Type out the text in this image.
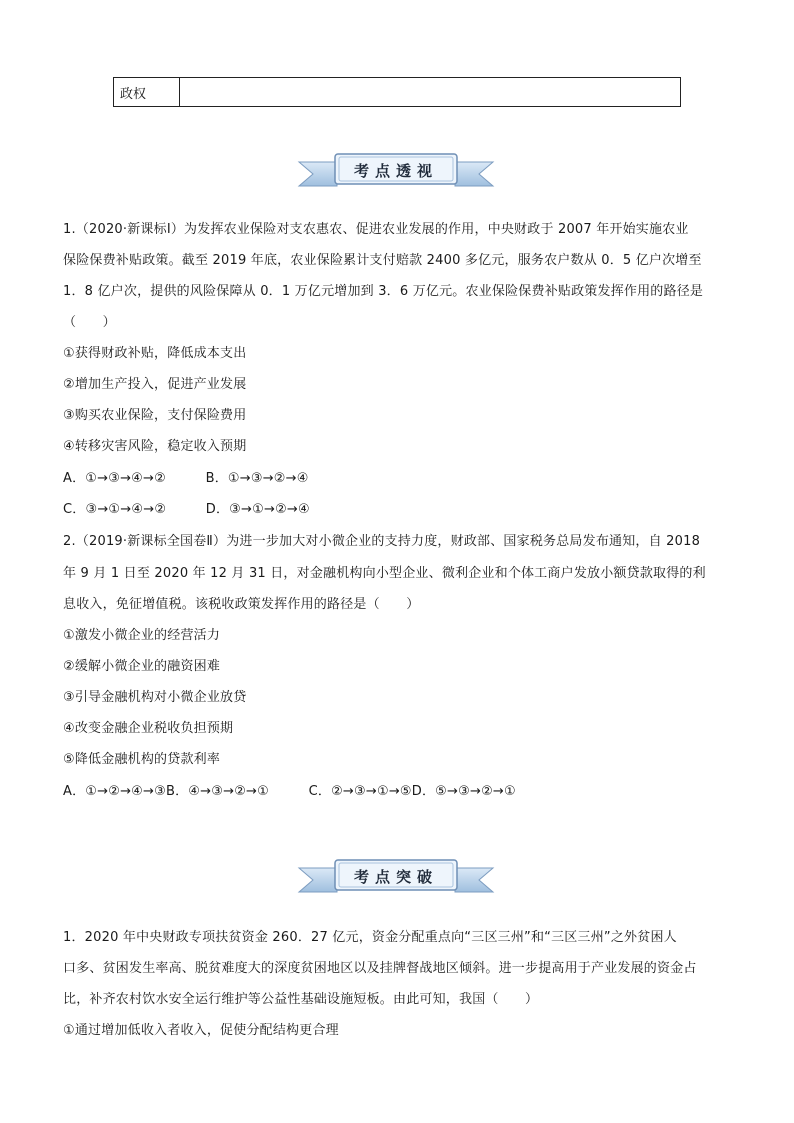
政权
考点透视
1.（2020·新课标Ⅰ）为发挥农业保险对支农惠农、促进农业发展的作用，中央财政于 2007 年开始实施农业
保险保费补贴政策。截至 2019 年底，农业保险累计支付赔款 2400 多亿元，服务农户数从 0．5 亿户次增至
1．8 亿户次，提供的风险保障从 0．1 万亿元增加到 3．6 万亿元。农业保险保费补贴政策发挥作用的路径是
（　　）
①获得财政补贴，降低成本支出
②增加生产投入，促进产业发展
③购买农业保险，支付保险费用
④转移灾害风险，稳定收入预期
A．①→③→④→②　　　B．①→③→②→④
C．③→①→④→②　　　D．③→①→②→④
2.（2019·新课标全国卷Ⅱ）为进一步加大对小微企业的支持力度，财政部、国家税务总局发布通知，自 2018
年 9 月 1 日至 2020 年 12 月 31 日，对金融机构向小型企业、微利企业和个体工商户发放小额贷款取得的利
息收入，免征增值税。该税收政策发挥作用的路径是（　　）
①激发小微企业的经营活力
②缓解小微企业的融资困难
③引导金融机构对小微企业放贷
④改变金融企业税收负担预期
⑤降低金融机构的贷款利率
A．①→②→④→③B．④→③→②→①　　　C．②→③→①→⑤D．⑤→③→②→①
考点突破
1．2020 年中央财政专项扶贫资金 260．27 亿元，资金分配重点向“三区三州”和“三区三州”之外贫困人
口多、贫困发生率高、脱贫难度大的深度贫困地区以及挂牌督战地区倾斜。进一步提高用于产业发展的资金占
比，补齐农村饮水安全运行维护等公益性基础设施短板。由此可知，我国（　　）
①通过增加低收入者收入，促使分配结构更合理
